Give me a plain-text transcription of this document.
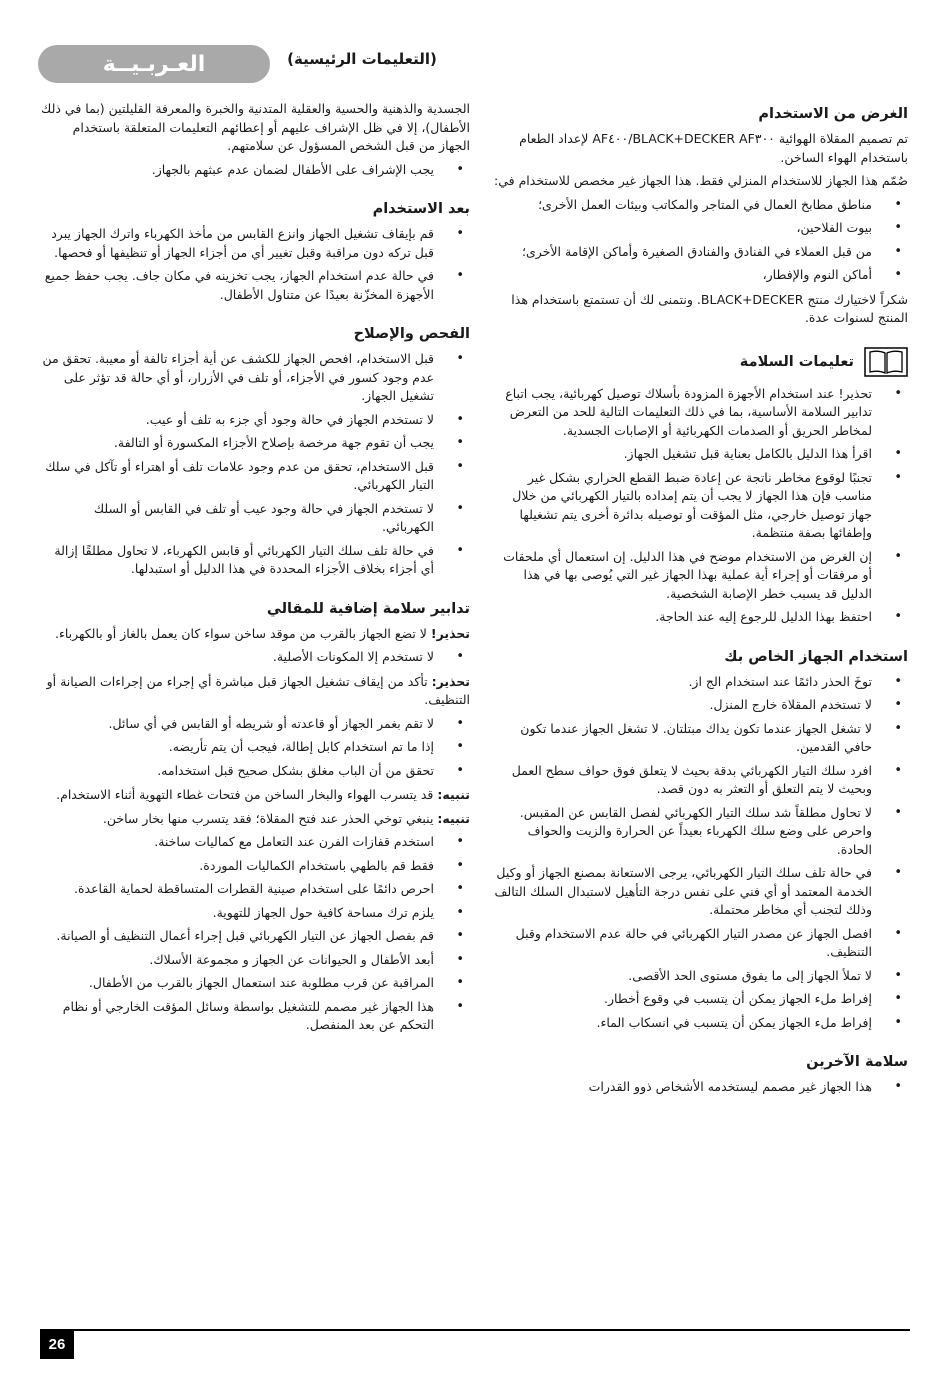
العـربـيــة	(التعليمات الرئيسية)
الغرض من الاستخدام

تم تصميم المقلاة الهوائية BLACK+DECKER AF٣٠٠/AF٤٠٠ لإعداد الطعام باستخدام الهواء الساخن.

صُمّم هذا الجهاز للاستخدام المنزلي فقط. هذا الجهاز غير مخصص للاستخدام في:

• مناطق مطابخ العمال في المتاجر والمكاتب وبيئات العمل الأخرى؛
• بيوت الفلاحين،
• من قبل العملاء في الفنادق والفنادق الصغيرة وأماكن الإقامة الأخرى؛
• أماكن النوم والإفطار،

شكراً لاختيارك منتج BLACK+DECKER. ونتمنى لك أن تستمتع باستخدام هذا المنتج لسنوات عدة.

تعليمات السلامة
• تحذير! عند استخدام الأجهزة المزودة بأسلاك توصيل كهربائية، يجب اتباع تدابير السلامة الأساسية، بما في ذلك التعليمات التالية للحد من التعرض لمخاطر الحريق أو الصدمات الكهربائية أو الإصابات الجسدية.
• اقرأ هذا الدليل بالكامل بعناية قبل تشغيل الجهاز.
• تجنبًا لوقوع مخاطر ناتجة عن إعادة ضبط القطع الحراري بشكل غير مناسب فإن هذا الجهاز لا يجب أن يتم إمداده بالتيار الكهربائي من خلال جهاز توصيل خارجي، مثل المؤقت أو توصيله بدائرة أخرى يتم تشغيلها وإطفائها بصفة منتظمة.
• إن الغرض من الاستخدام موضح في هذا الدليل. إن استعمال أي ملحقات أو مرفقات أو إجراء أية عملية بهذا الجهاز غير التي يُوصى بها في هذا الدليل قد يسبب خطر الإصابة الشخصية.
• احتفظ بهذا الدليل للرجوع إليه عند الحاجة.
استخدام الجهاز الخاص بك
• توخَ الحذر دائمًا عند استخدام الج از.
• لا تستخدم المقلاة خارج المنزل.
• لا تشغل الجهاز عندما تكون يداك مبتلتان. لا تشغل الجهاز عندما تكون حافي القدمين.
• افرد سلك التيار الكهربائي بدقة بحيث لا يتعلق فوق حواف سطح العمل وبحيث لا يتم التعلق أو التعثر به دون قصد.
• لا تحاول مطلقاً شد سلك التيار الكهربائي لفصل القابس عن المقبس. واحرص على وضع سلك الكهرباء بعيداً عن الحرارة والزيت والحواف الحادة.
• في حالة تلف سلك التيار الكهربائي، يرجى الاستعانة بمصنع الجهاز أو وكيل الخدمة المعتمد أو أي فني على نفس درجة التأهيل لاستبدال السلك التالف وذلك لتجنب أي مخاطر محتملة.
• افصل الجهاز عن مصدر التيار الكهربائي في حالة عدم الاستخدام وقبل التنظيف.
• لا تملأ الجهاز إلى ما يفوق مستوى الحد الأقصى.
• إفراط ملء الجهاز يمكن أن يتسبب في وقوع أخطار.
• إفراط ملء الجهاز يمكن أن يتسبب في انسكاب الماء.
سلامة الآخرين
• هذا الجهاز غير مصمم ليستخدمه الأشخاص ذوو القدرات

الجسدية والذهنية والحسية والعقلية المتدنية والخبرة والمعرفة القليلتين (بما في ذلك الأطفال)، إلا في ظل الإشراف عليهم أو إعطائهم التعليمات المتعلقة باستخدام الجهاز من قبل الشخص المسؤول عن سلامتهم.

• يجب الإشراف على الأطفال لضمان عدم عبثهم بالجهاز.
بعد الاستخدام
• قم بإيقاف تشغيل الجهاز وانزع القابس من مأخذ الكهرباء واترك الجهاز يبرد قبل تركه دون مراقبة وقبل تغيير أي من أجزاء الجهاز أو تنظيفها أو فحصها.
• في حالة عدم استخدام الجهاز، يجب تخزينه في مكان جاف. يجب حفظ جميع الأجهزة المخزّنة بعيدًا عن متناول الأطفال.
الفحص والإصلاح
• قبل الاستخدام، افحص الجهاز للكشف عن أية أجزاء تالفة أو معيبة. تحقق من عدم وجود كسور في الأجزاء، أو تلف في الأزرار، أو أي حالة قد تؤثر على تشغيل الجهاز.
• لا تستخدم الجهاز في حالة وجود أي جزء به تلف أو عيب.
• يجب أن تقوم جهة مرخصة بإصلاح الأجزاء المكسورة أو التالفة.
• قبل الاستخدام، تحقق من عدم وجود علامات تلف أو اهتراء أو تآكل في سلك التيار الكهربائي.
• لا تستخدم الجهاز في حالة وجود عيب أو تلف في القابس أو السلك الكهربائي.
• في حالة تلف سلك التيار الكهربائي أو قابس الكهرباء، لا تحاول مطلقًا إزالة أي أجزاء بخلاف الأجزاء المحددة في هذا الدليل أو استبدلها.
تدابير سلامة إضافية للمقالي

تحذير! لا تضع الجهاز بالقرب من موقد ساخن سواء كان يعمل بالغاز أو بالكهرباء.

• لا تستخدم إلا المكونات الأصلية.

تحذير: تأكد من إيقاف تشغيل الجهاز قبل مباشرة أي إجراء من إجراءات الصيانة أو التنظيف.

• لا تقم بغمر الجهاز أو قاعدته أو شريطه أو القابس في أي سائل.
• إذا ما تم استخدام كابل إطالة، فيجب أن يتم تأريضه.
• تحقق من أن الباب مغلق بشكل صحيح قبل استخدامه.

تنبيه: قد يتسرب الهواء والبخار الساخن من فتحات غطاء التهوية أثناء الاستخدام.

تنبيه: ينبغي توخي الحذر عند فتح المقلاة؛ فقد يتسرب منها بخار ساخن.

• استخدم قفازات الفرن عند التعامل مع كماليات ساخنة.
• فقط قم بالطهي باستخدام الكماليات الموردة.
• احرص دائمًا على استخدام صينية القطرات المتساقطة لحماية القاعدة.
• يلزم ترك مساحة كافية حول الجهاز للتهوية.
• قم بفصل الجهاز عن التيار الكهربائي قبل إجراء أعمال التنظيف أو الصيانة.
• أبعد الأطفال و الحيوانات عن الجهاز و مجموعة الأسلاك.
• المراقبة عن قرب مطلوبة عند استعمال الجهاز بالقرب من الأطفال.
• هذا الجهاز غير مصمم للتشغيل بواسطة وسائل المؤقت الخارجي أو نظام التحكم عن بعد المنفصل.
26
